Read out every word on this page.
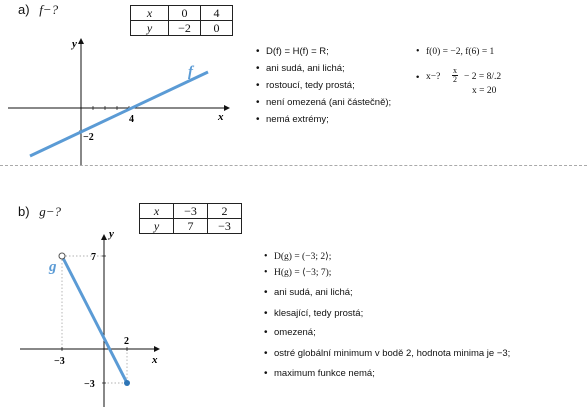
a) f−?	x	0	4
y	−2	0
y
x
4
−2
f
• D(f) = H(f) = R;
• ani sudá, ani lichá;
• rostoucí, tedy prostá;
• není omezená (ani částečně);
• nemá extrémy;
• f(0) = −2, f(6) = 1
• x−? $\frac{x}{2} - 2 = 8/.2$
x = 20
b) g−?	x	−3	2
y	7	−3
y
x
7
2
−3
−3
g
• D(g) = (−3; 2⟩;
• H(g) = ⟨−3; 7);
• ani sudá, ani lichá;
• klesající, tedy prostá;
• omezená;
• ostré globální minimum v bodě 2, hodnota minima je −3;
• maximum funkce nemá;
